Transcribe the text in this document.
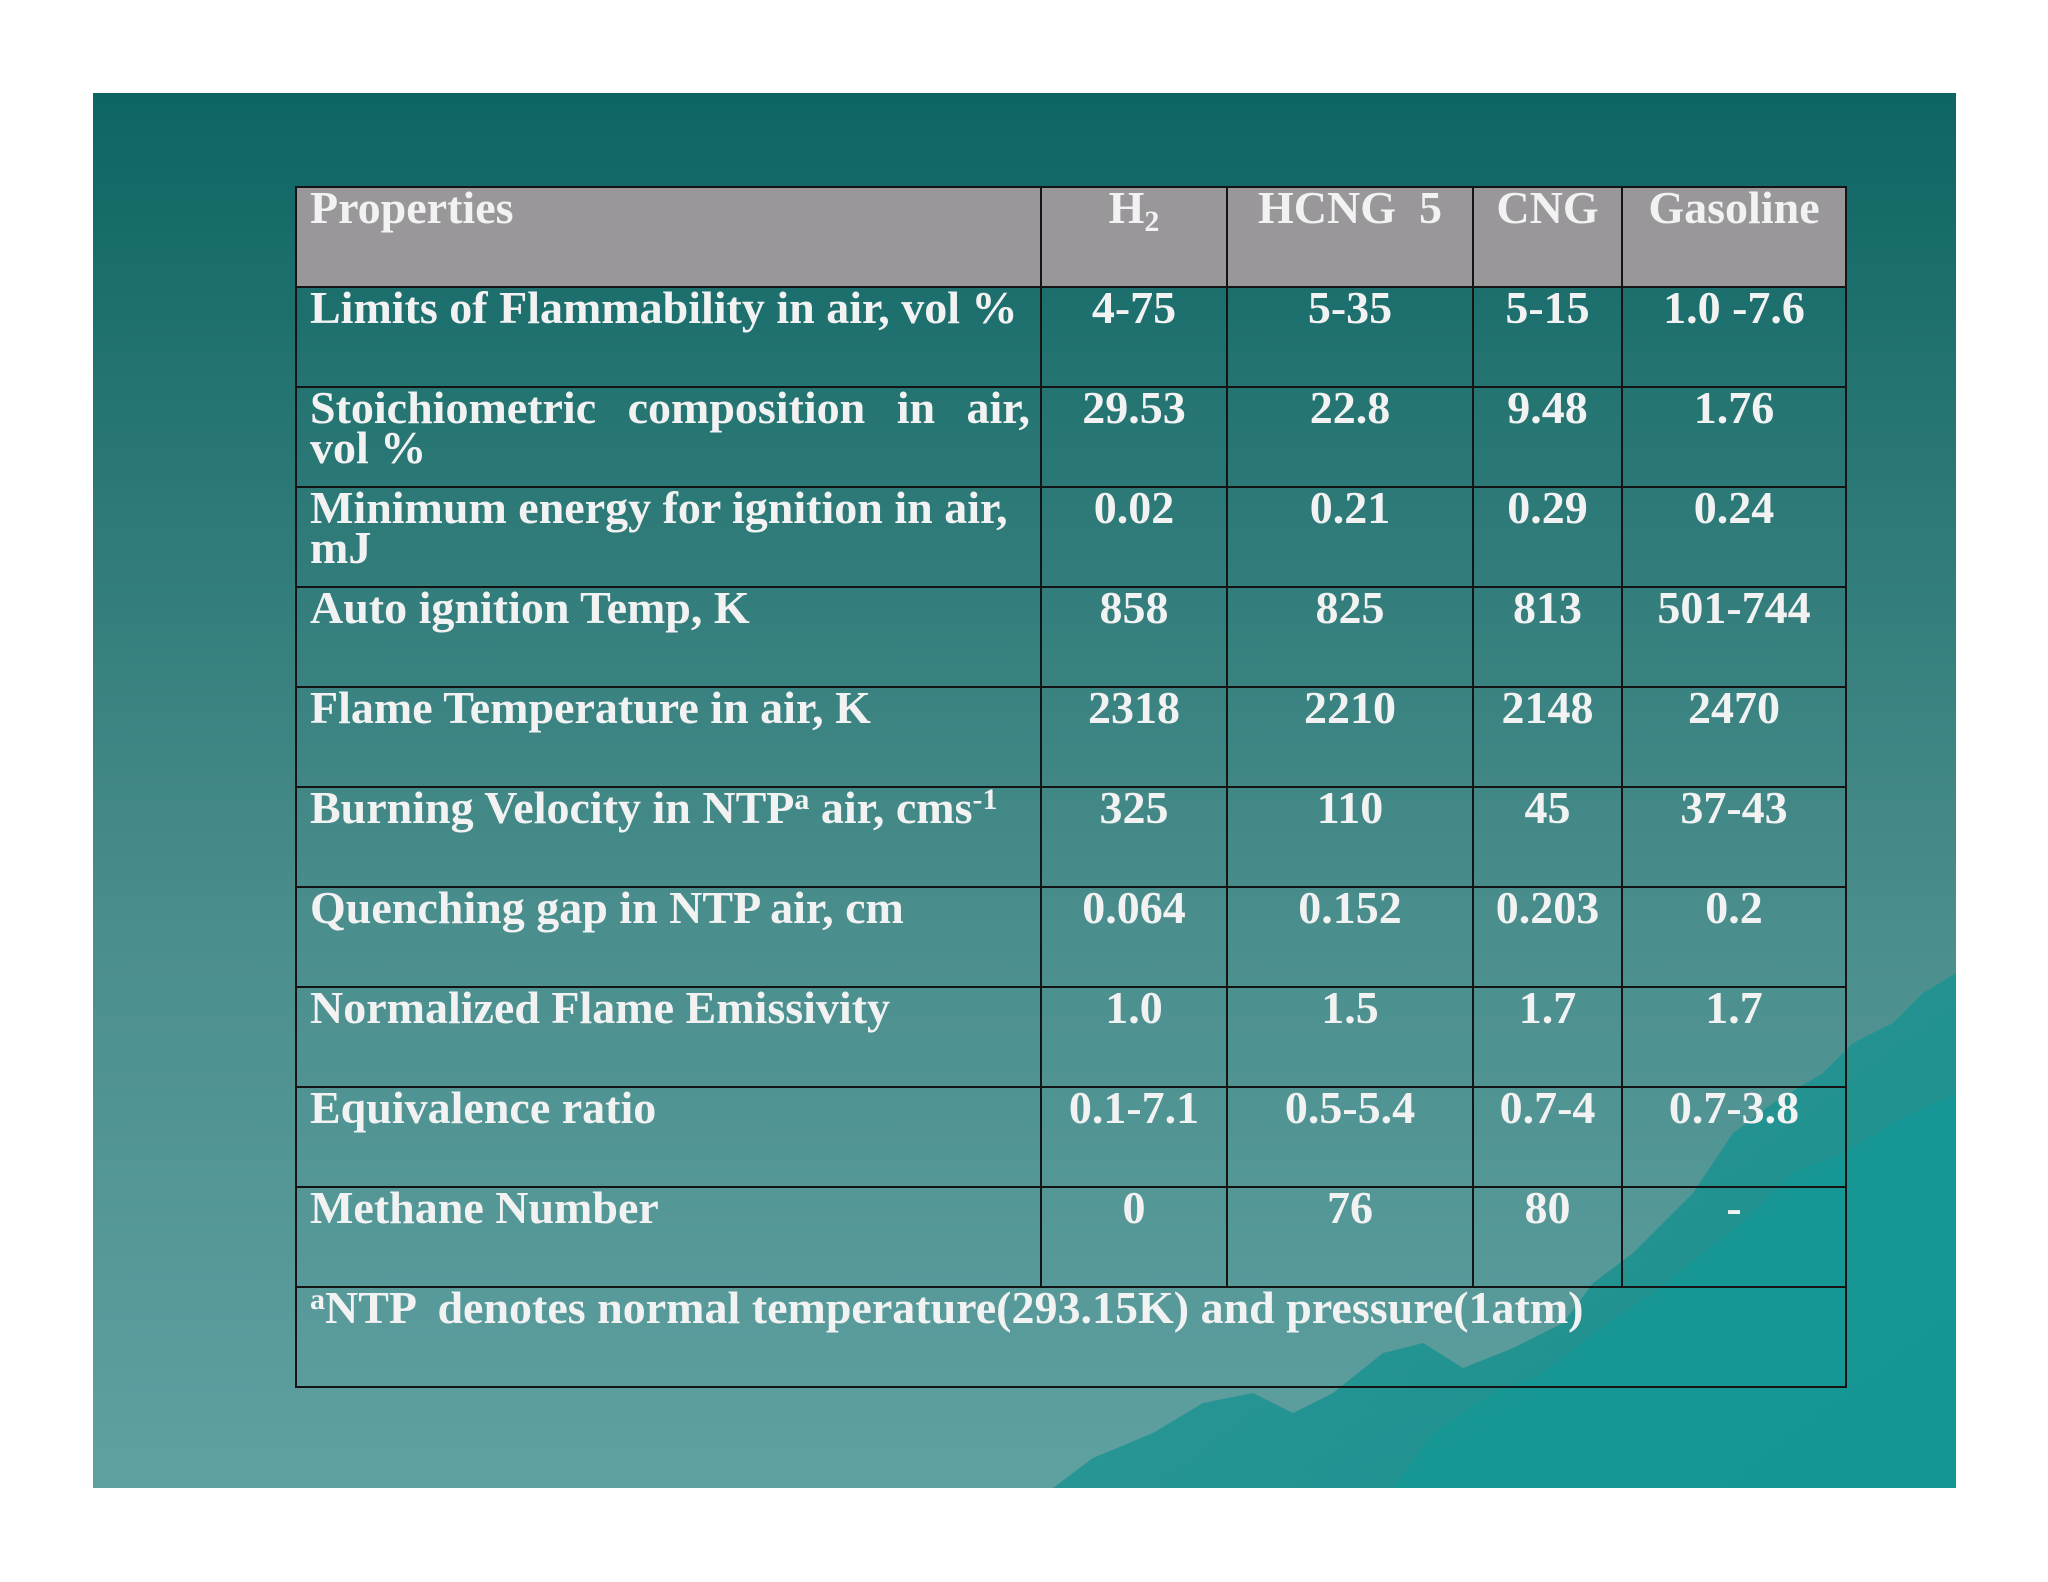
Properties	$H_2$	HCNG  5	CNG	Gasoline
Limits of Flammability in air, vol %	4-75	5-35	5-15	1.0 -7.6
Stoichiometric composition in air, vol %	29.53	22.8	9.48	1.76
Minimum energy for ignition in air, mJ	0.02	0.21	0.29	0.24
Auto ignition Temp, K	858	825	813	501-744
Flame Temperature in air, K	2318	2210	2148	2470
Burning Velocity in NTP$^a$ air, cms$^{-1}$	325	110	45	37-43
Quenching gap in NTP air, cm	0.064	0.152	0.203	0.2
Normalized Flame Emissivity	1.0	1.5	1.7	1.7
Equivalence ratio	0.1-7.1	0.5-5.4	0.7-4	0.7-3.8
Methane Number	0	76	80	-
$^a$NTP  denotes normal temperature(293.15K) and pressure(1atm)				
